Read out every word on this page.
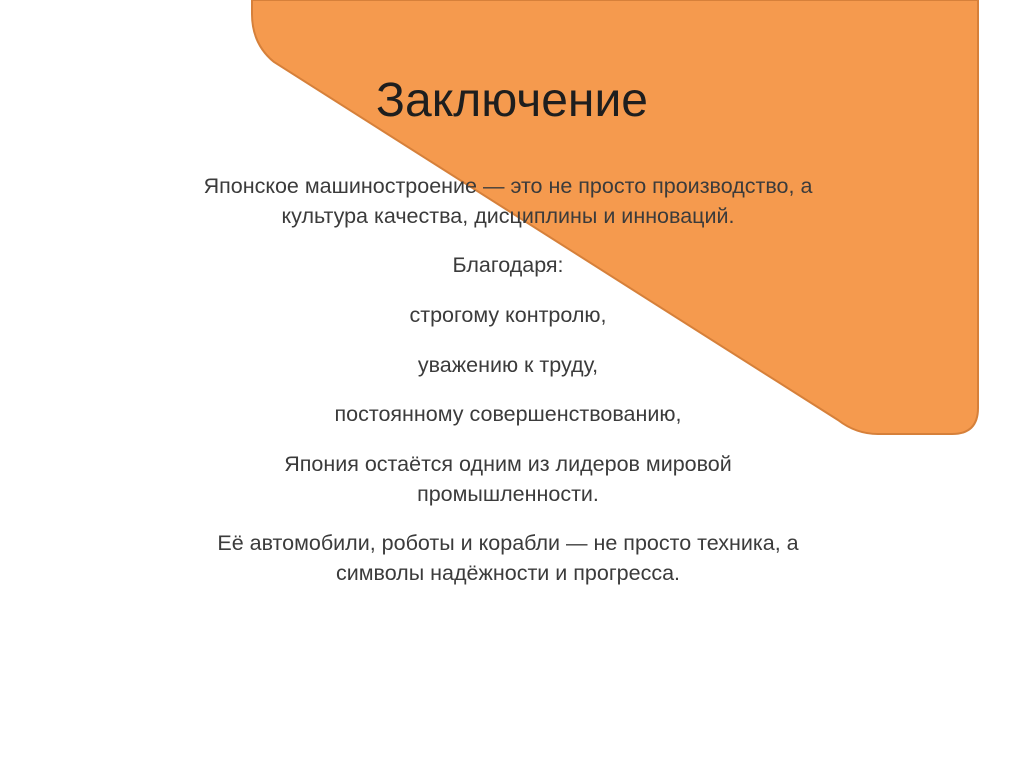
Заключение

Японское машиностроение — это не просто производство, а культура качества, дисциплины и инноваций.

Благодаря:

строгому контролю,

уважению к труду,

постоянному совершенствованию,

Япония остаётся одним из лидеров мировой промышленности.

Её автомобили, роботы и корабли — не просто техника, а символы надёжности и прогресса.
